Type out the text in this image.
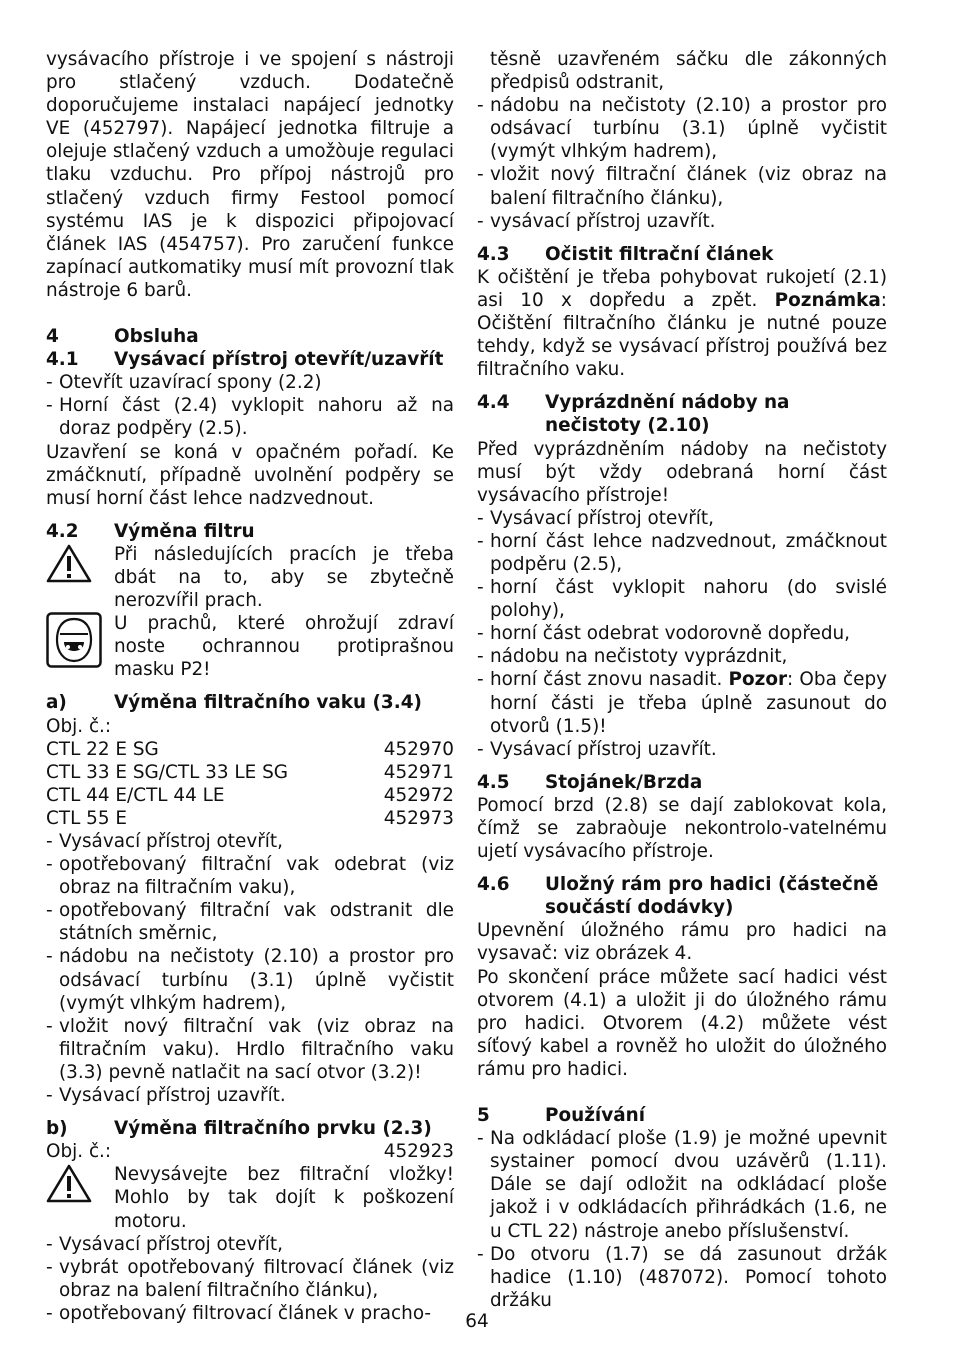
vysávacího přístroje i ve spojení s nástroji pro stlačený vzduch. Dodatečně doporučujeme instalaci napájecí jednotky VE (452797). Napájecí jednotka filtruje a olejuje stlačený vzduch a umožòuje regulaci tlaku vzduchu. Pro přípoj nástrojů pro stlačený vzduch firmy Festool pomocí systému IAS je k dispozici připojovací článek IAS (454757). Pro zaručení funkce zapínací autkomatiky musí mít provozní tlak nástroje 6 barů.

4	Obsluha
4.1	Vysávací přístroj otevřít/uzavřít
- Otevřít uzavírací spony (2.2)
- Horní část (2.4) vyklopit nahoru až na doraz podpěry (2.5).

Uzavření se koná v opačném pořadí. Ke zmáčknutí, případně uvolnění podpěry se musí horní část lehce nadzvednout.

4.2	Výměna filtru
Při následujících pracích je třeba dbát na to, aby se zbytečně nerozvířil prach.
U prachů, které ohrožují zdraví noste ochrannou protiprašnou masku P2!
a)	Výměna filtračního vaku (3.4)
Obj. č.:
CTL 22 E SG	452970
CTL 33 E SG/CTL 33 LE SG	452971
CTL 44 E/CTL 44 LE	452972
CTL 55 E	452973
- Vysávací přístroj otevřít,
- opotřebovaný filtrační vak odebrat (viz obraz na filtračním vaku),
- opotřebovaný filtrační vak odstranit dle státních směrnic,
- nádobu na nečistoty (2.10) a prostor pro odsávací turbínu (3.1) úplně vyčistit (vymýt vlhkým hadrem),
- vložit nový filtrační vak (viz obraz na filtračním vaku). Hrdlo filtračního vaku (3.3) pevně natlačit na sací otvor (3.2)!
- Vysávací přístroj uzavřít.
b)	Výměna filtračního prvku (2.3)
Obj. č.:	452923
Nevysávejte bez filtrační vložky! Mohlo by tak dojít k poškození motoru.
- Vysávací přístroj otevřít,
- vybrát opotřebovaný filtrovací článek (viz obraz na balení filtračního článku),
- opotřebovaný filtrovací článek v pracho-
těsně uzavřeném sáčku dle zákonných předpisů odstranit,
- nádobu na nečistoty (2.10) a prostor pro odsávací turbínu (3.1) úplně vyčistit (vymýt vlhkým hadrem),
- vložit nový filtrační článek (viz obraz na balení filtračního článku),
- vysávací přístroj uzavřít.
4.3	Očistit filtrační článek

K očištění je třeba pohybovat rukojetí (2.1) asi 10 x dopředu a zpět. Poznámka: Očištění filtračního článku je nutné pouze tehdy, když se vysávací přístroj používá bez filtračního vaku.

4.4	Vyprázdnění nádoby na nečistoty (2.10)

Před vyprázdněním nádoby na nečistoty musí být vždy odebraná horní část vysávacího přístroje!

- Vysávací přístroj otevřít,
- horní část lehce nadzvednout, zmáčknout podpěru (2.5),
- horní část vyklopit nahoru (do svislé polohy),
- horní část odebrat vodorovně dopředu,
- nádobu na nečistoty vyprázdnit,
- horní část znovu nasadit. Pozor: Oba čepy horní části je třeba úplně zasunout do otvorů (1.5)!
- Vysávací přístroj uzavřít.
4.5	Stojánek/Brzda

Pomocí brzd (2.8) se dají zablokovat kola, čímž se zabraòuje nekontrolo-vatelnému ujetí vysávacího přístroje.

4.6	Uložný rám pro hadici (částečně součástí dodávky)

Upevnění úložného rámu pro hadici na vysavač: viz obrázek 4.

Po skončení práce můžete sací hadici vést otvorem (4.1) a uložit ji do úložného rámu pro hadici. Otvorem (4.2) můžete vést síťový kabel a rovněž ho uložit do úložného rámu pro hadici.

5	Používání
- Na odkládací ploše (1.9) je možné upevnit systainer pomocí dvou uzávěrů (1.11). Dále se dají odložit na odkládací ploše jakož i v odkládacích přihrádkách (1.6, ne u CTL 22) nástroje anebo příslušenství.
- Do otvoru (1.7) se dá zasunout držák hadice (1.10) (487072). Pomocí tohoto držáku
64
